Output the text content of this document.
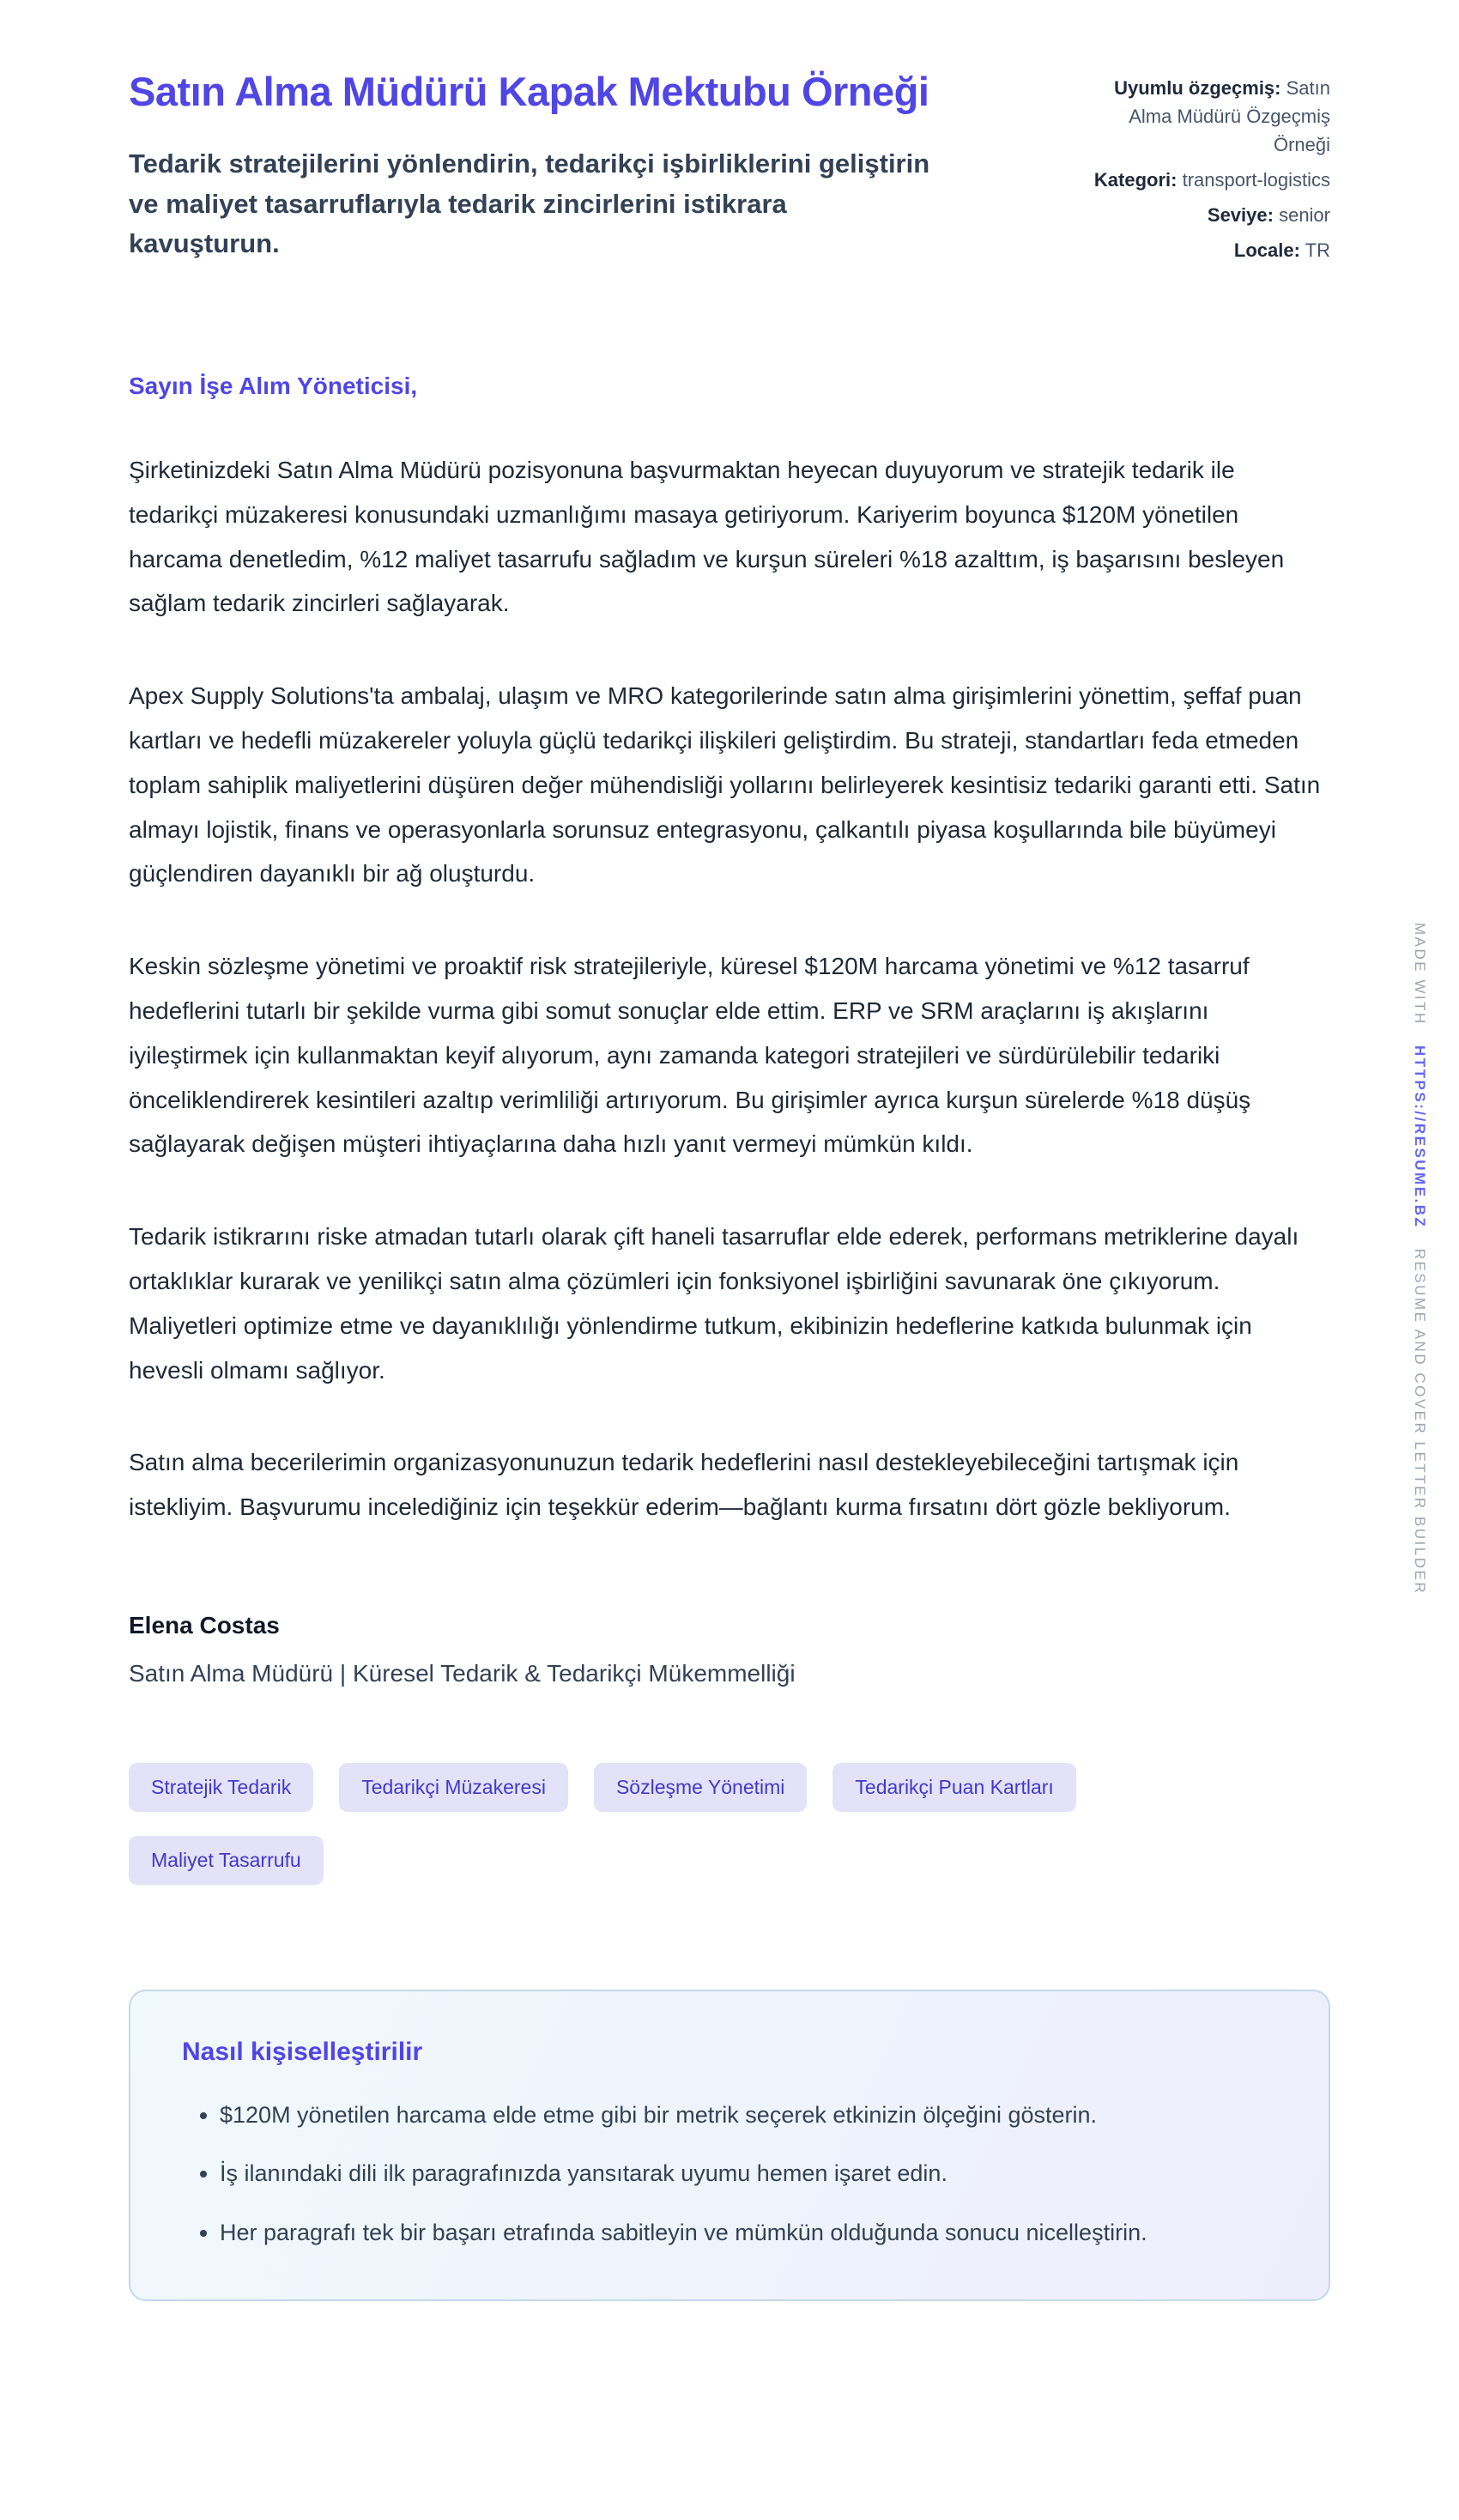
Satın Alma Müdürü Kapak Mektubu Örneği
Tedarik stratejilerini yönlendirin, tedarikçi işbirliklerini geliştirin ve maliyet tasarruflarıyla tedarik zincirlerini istikrara kavuşturun.
Uyumlu özgeçmiş: Satın Alma Müdürü Özgeçmiş Örneği
Kategori: transport-logistics
Seviye: senior
Locale: TR
Sayın İşe Alım Yöneticisi,

Şirketinizdeki Satın Alma Müdürü pozisyonuna başvurmaktan heyecan duyuyorum ve stratejik tedarik ile tedarikçi müzakeresi konusundaki uzmanlığımı masaya getiriyorum. Kariyerim boyunca $120M yönetilen harcama denetledim, %12 maliyet tasarrufu sağladım ve kurşun süreleri %18 azalttım, iş başarısını besleyen sağlam tedarik zincirleri sağlayarak.

Apex Supply Solutions'ta ambalaj, ulaşım ve MRO kategorilerinde satın alma girişimlerini yönettim, şeffaf puan kartları ve hedefli müzakereler yoluyla güçlü tedarikçi ilişkileri geliştirdim. Bu strateji, standartları feda etmeden toplam sahiplik maliyetlerini düşüren değer mühendisliği yollarını belirleyerek kesintisiz tedariki garanti etti. Satın almayı lojistik, finans ve operasyonlarla sorunsuz entegrasyonu, çalkantılı piyasa koşullarında bile büyümeyi güçlendiren dayanıklı bir ağ oluşturdu.

Keskin sözleşme yönetimi ve proaktif risk stratejileriyle, küresel $120M harcama yönetimi ve %12 tasarruf hedeflerini tutarlı bir şekilde vurma gibi somut sonuçlar elde ettim. ERP ve SRM araçlarını iş akışlarını iyileştirmek için kullanmaktan keyif alıyorum, aynı zamanda kategori stratejileri ve sürdürülebilir tedariki önceliklendirerek kesintileri azaltıp verimliliği artırıyorum. Bu girişimler ayrıca kurşun sürelerde %18 düşüş sağlayarak değişen müşteri ihtiyaçlarına daha hızlı yanıt vermeyi mümkün kıldı.

Tedarik istikrarını riske atmadan tutarlı olarak çift haneli tasarruflar elde ederek, performans metriklerine dayalı ortaklıklar kurarak ve yenilikçi satın alma çözümleri için fonksiyonel işbirliğini savunarak öne çıkıyorum. Maliyetleri optimize etme ve dayanıklılığı yönlendirme tutkum, ekibinizin hedeflerine katkıda bulunmak için hevesli olmamı sağlıyor.

Satın alma becerilerimin organizasyonunuzun tedarik hedeflerini nasıl destekleyebileceğini tartışmak için istekliyim. Başvurumu incelediğiniz için teşekkür ederim—bağlantı kurma fırsatını dört gözle bekliyorum.

Elena Costas
Satın Alma Müdürü | Küresel Tedarik & Tedarikçi Mükemmelliği
Stratejik Tedarik	Tedarikçi Müzakeresi	Sözleşme Yönetimi	Tedarikçi Puan Kartları
Maliyet Tasarrufu
Nasıl kişiselleştirilir
• $120M yönetilen harcama elde etme gibi bir metrik seçerek etkinizin ölçeğini gösterin.
• İş ilanındaki dili ilk paragrafınızda yansıtarak uyumu hemen işaret edin.
• Her paragrafı tek bir başarı etrafında sabitleyin ve mümkün olduğunda sonucu nicelleştirin.
MADE WITH HTTPS://RESUME.BZ RESUME AND COVER LETTER BUILDER
